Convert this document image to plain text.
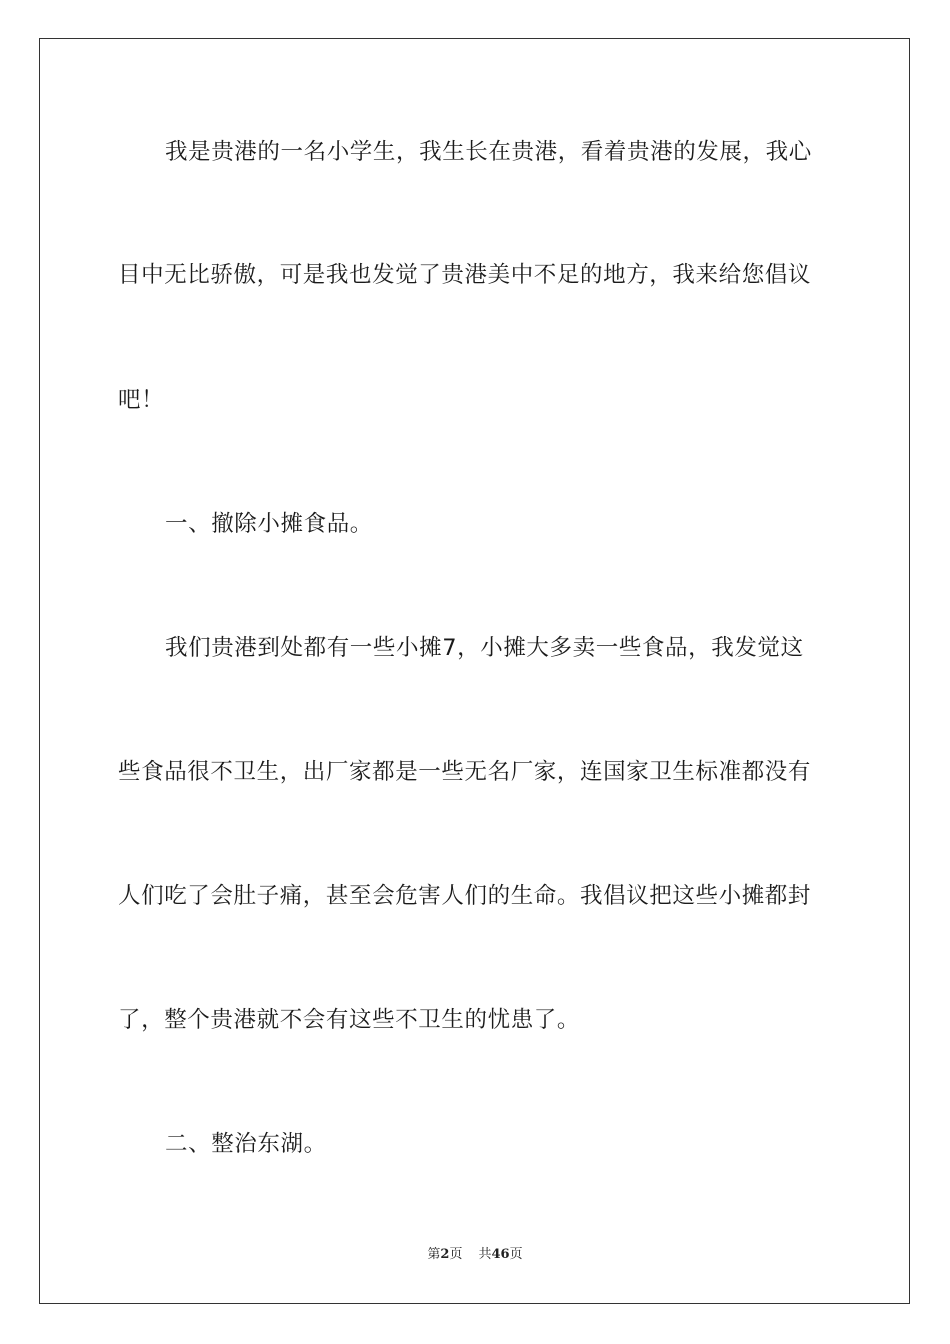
我是贵港的一名小学生，我生长在贵港，看着贵港的发展，我心

目中无比骄傲，可是我也发觉了贵港美中不足的地方，我来给您倡议

吧！

一、撤除小摊食品。

我们贵港到处都有一些小摊7，小摊大多卖一些食品，我发觉这

些食品很不卫生，出厂家都是一些无名厂家，连国家卫生标准都没有

人们吃了会肚子痛，甚至会危害人们的生命。我倡议把这些小摊都封

了，整个贵港就不会有这些不卫生的忧患了。

二、整治东湖。

第2页 共46页
